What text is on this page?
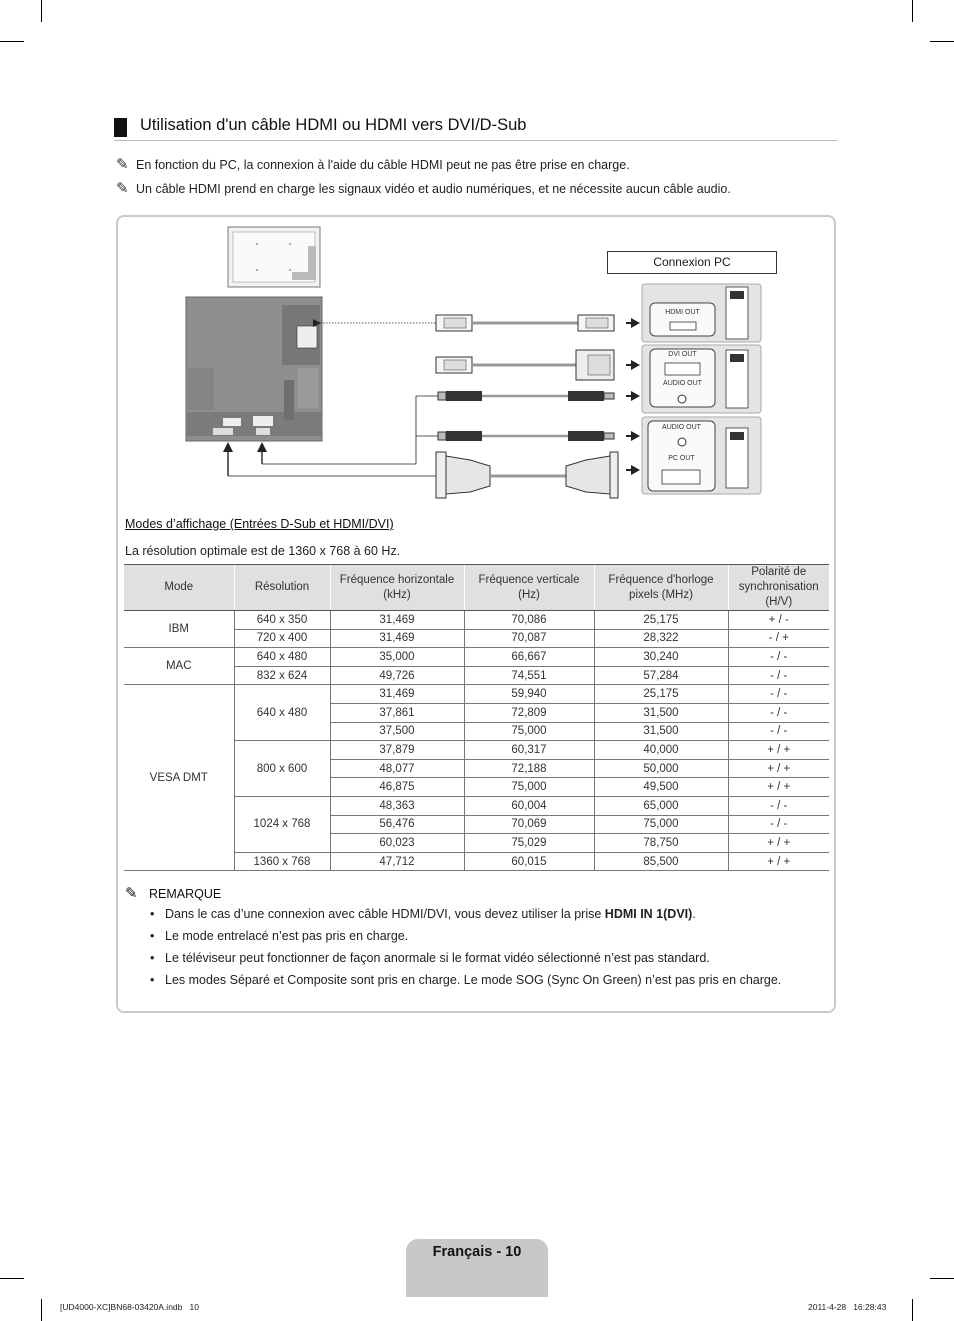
Utilisation d'un câble HDMI ou HDMI vers DVI/D-Sub
✎ En fonction du PC, la connexion à l'aide du câble HDMI peut ne pas être prise en charge.
✎ Un câble HDMI prend en charge les signaux vidéo et audio numériques, et ne nécessite aucun câble audio.
Connexion PC
HDMI OUT
DVI OUT
AUDIO OUT
AUDIO OUT
PC OUT
Modes d’affichage (Entrées D-Sub et HDMI/DVI)
La résolution optimale est de 1360 x 768 à 60 Hz.
Mode	Résolution	Fréquence horizontale (kHz)	Fréquence verticale (Hz)	Fréquence d'horloge pixels (MHz)	Polarité de synchronisation (H/V)
IBM	640 x 350	31,469	70,086	25,175	+ / -
	720 x 400	31,469	70,087	28,322	- / +
MAC	640 x 480	35,000	66,667	30,240	- / -
	832 x 624	49,726	74,551	57,284	- / -
VESA DMT	640 x 480	31,469	59,940	25,175	- / -
		37,861	72,809	31,500	- / -
		37,500	75,000	31,500	- / -
	800 x 600	37,879	60,317	40,000	+ / +
		48,077	72,188	50,000	+ / +
		46,875	75,000	49,500	+ / +
	1024 x 768	48,363	60,004	65,000	- / -
		56,476	70,069	75,000	- / -
		60,023	75,029	78,750	+ / +
	1360 x 768	47,712	60,015	85,500	+ / +
✎ REMARQUE
• Dans le cas d’une connexion avec câble HDMI/DVI, vous devez utiliser la prise HDMI IN 1(DVI).
• Le mode entrelacé n’est pas pris en charge.
• Le téléviseur peut fonctionner de façon anormale si le format vidéo sélectionné n’est pas standard.
• Les modes Séparé et Composite sont pris en charge. Le mode SOG (Sync On Green) n’est pas pris en charge.
Français - 10
[UD4000-XC]BN68-03420A.indb   10	2011-4-28   16:28:43
